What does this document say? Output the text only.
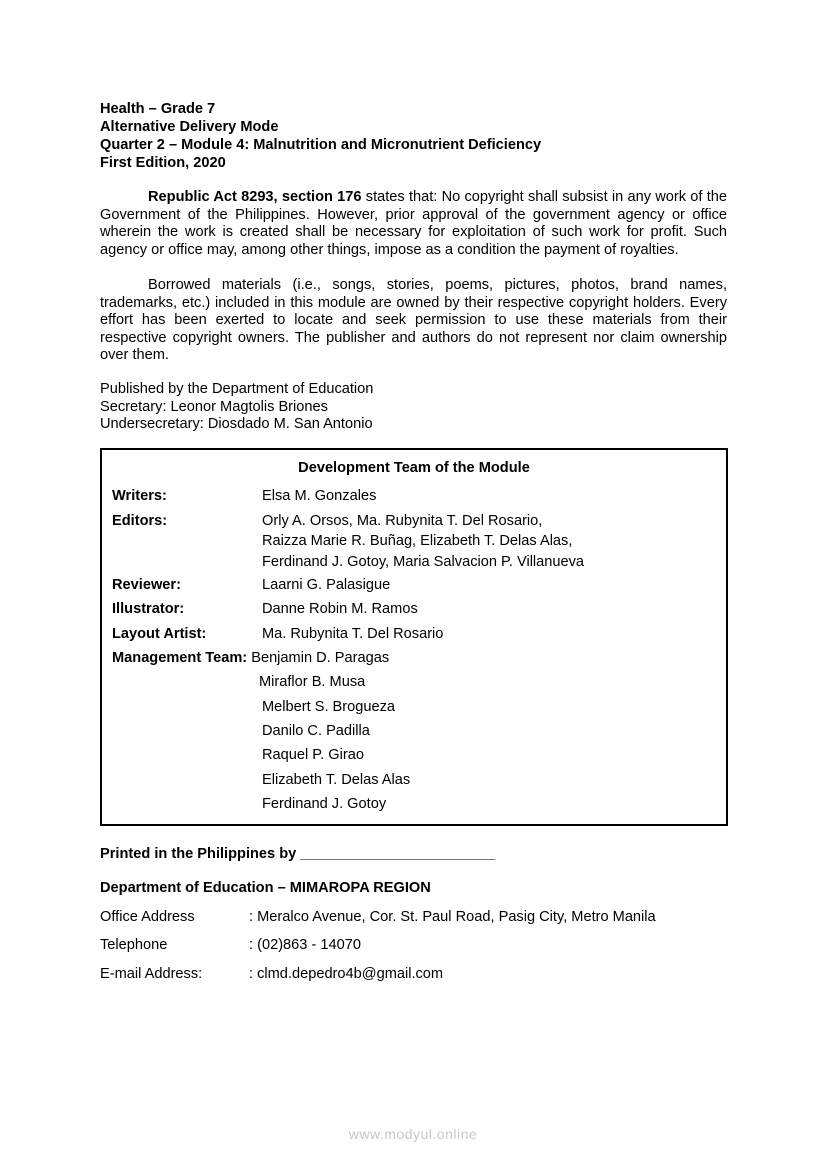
Health – Grade 7
Alternative Delivery Mode
Quarter 2 – Module 4: Malnutrition and Micronutrient Deficiency
First Edition, 2020
Republic Act 8293, section 176 states that: No copyright shall subsist in any work of the Government of the Philippines. However, prior approval of the government agency or office wherein the work is created shall be necessary for exploitation of such work for profit. Such agency or office may, among other things, impose as a condition the payment of royalties.
Borrowed materials (i.e., songs, stories, poems, pictures, photos, brand names, trademarks, etc.) included in this module are owned by their respective copyright holders. Every effort has been exerted to locate and seek permission to use these materials from their respective copyright owners. The publisher and authors do not represent nor claim ownership over them.
Published by the Department of Education
Secretary: Leonor Magtolis Briones
Undersecretary: Diosdado M. San Antonio
Development Team of the Module
Writers:	Elsa M. Gonzales
Editors:	Orly A. Orsos, Ma. Rubynita T. Del Rosario,
Raizza Marie R. Buñag, Elizabeth T. Delas Alas,
Ferdinand J. Gotoy, Maria Salvacion P. Villanueva
Reviewer:	Laarni G. Palasigue
Illustrator:	Danne Robin M. Ramos
Layout Artist:	Ma. Rubynita T. Del Rosario
Management Team: Benjamin D. Paragas
Miraflor B. Musa
Melbert S. Brogueza
Danilo C. Padilla
Raquel P. Girao
Elizabeth T. Delas Alas
Ferdinand J. Gotoy
Printed in the Philippines by ________________________
Department of Education – MIMAROPA REGION
Office Address	: Meralco Avenue, Cor. St. Paul Road, Pasig City, Metro Manila
Telephone	: (02)863 - 14070
E-mail Address:	: clmd.depedro4b@gmail.com
www.modyul.online
